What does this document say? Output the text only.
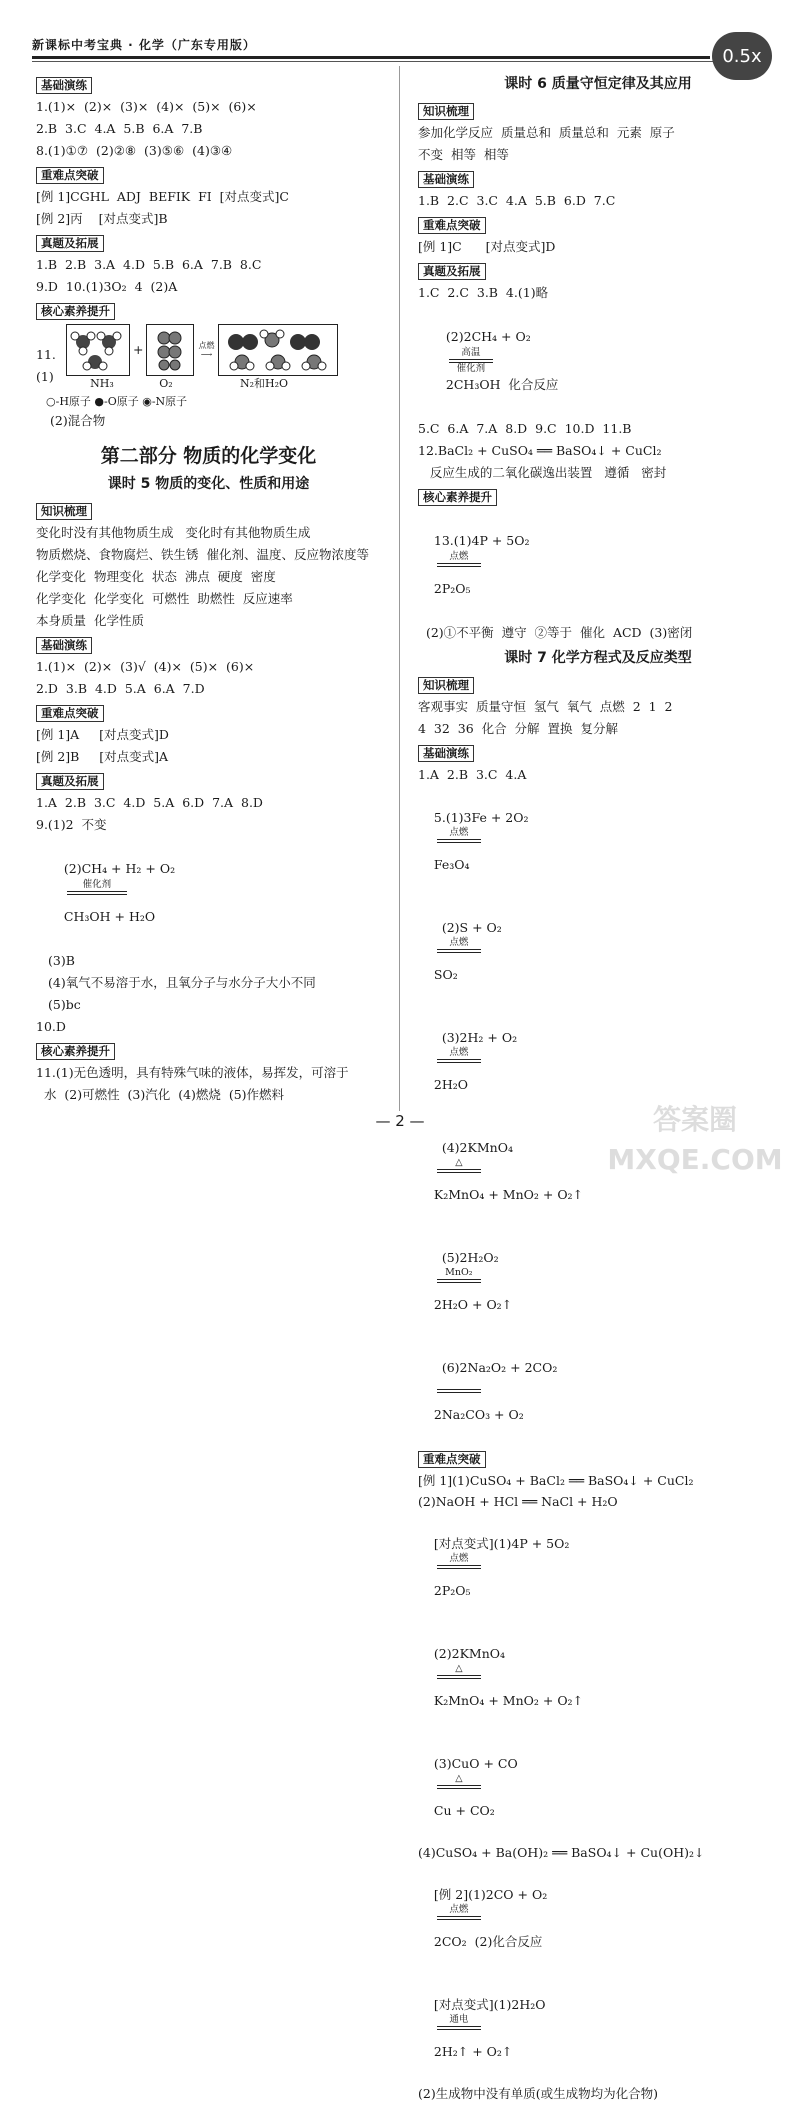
新课标中考宝典 · 化学（广东专用版）
0.5x
基础演练
1.(1)×  (2)×  (3)×  (4)×  (5)×  (6)×
2.B  3.C  4.A  5.B  6.A  7.B
8.(1)①⑦  (2)②⑧  (3)⑤⑥  (4)③④
重难点突破
[例 1]CGHL  ADJ  BEFIK  FI  [对点变式]C
[例 2]丙    [对点变式]B
真题及拓展
1.B  2.B  3.A  4.D  5.B  6.A  7.B  8.C
9.D  10.(1)3O₂  4  (2)A
核心素养提升
11.(1)
+	点燃
⟶
NH₃	O₂	N₂和H₂O
○-H原子 ●-O原子 ◉-N原子
(2)混合物
第二部分 物质的化学变化
课时 5 物质的变化、性质和用途
知识梳理
变化时没有其他物质生成   变化时有其他物质生成
物质燃烧、食物腐烂、铁生锈  催化剂、温度、反应物浓度等
化学变化  物理变化  状态  沸点  硬度  密度
化学变化  化学变化  可燃性  助燃性  反应速率
本身质量  化学性质
基础演练
1.(1)×  (2)×  (3)√  (4)×  (5)×  (6)×
2.D  3.B  4.D  5.A  6.A  7.D
重难点突破
[例 1]A     [对点变式]D
[例 2]B     [对点变式]A
真题及拓展
1.A  2.B  3.C  4.D  5.A  6.D  7.A  8.D
9.(1)2  不变

(2)CH₄ + H₂ + O₂

催化剂

CH₃OH + H₂O

(3)B
(4)氧气不易溶于水，且氧分子与水分子大小不同
(5)bc
10.D
核心素养提升
11.(1)无色透明，具有特殊气味的液体，易挥发，可溶于
水  (2)可燃性  (3)汽化  (4)燃烧  (5)作燃料
课时 6 质量守恒定律及其应用
知识梳理
参加化学反应  质量总和  质量总和  元素  原子
不变  相等  相等
基础演练
1.B  2.C  3.C  4.A  5.B  6.D  7.C
重难点突破
[例 1]C      [对点变式]D
真题及拓展
1.C  2.C  3.B  4.(1)略

(2)2CH₄ + O₂

高温
催化剂

2CH₃OH  化合反应

5.C  6.A  7.A  8.D  9.C  10.D  11.B
12.BaCl₂ + CuSO₄ ══ BaSO₄↓ + CuCl₂
反应生成的二氧化碳逸出装置   遵循   密封
核心素养提升

13.(1)4P + 5O₂

点燃

2P₂O₅

(2)①不平衡  遵守  ②等于  催化  ACD  (3)密闭
课时 7 化学方程式及反应类型
知识梳理
客观事实  质量守恒  氢气  氧气  点燃  2  1  2
4  32  36  化合  分解  置换  复分解
基础演练
1.A  2.B  3.C  4.A

5.(1)3Fe + 2O₂

点燃

Fe₃O₄

(2)S + O₂

点燃

SO₂

(3)2H₂ + O₂

点燃

2H₂O

(4)2KMnO₄

△

K₂MnO₄ + MnO₂ + O₂↑

(5)2H₂O₂

MnO₂

2H₂O + O₂↑

(6)2Na₂O₂ + 2CO₂

2Na₂CO₃ + O₂

重难点突破
[例 1](1)CuSO₄ + BaCl₂ ══ BaSO₄↓ + CuCl₂
(2)NaOH + HCl ══ NaCl + H₂O

[对点变式](1)4P + 5O₂

点燃

2P₂O₅

(2)2KMnO₄

△

K₂MnO₄ + MnO₂ + O₂↑

(3)CuO + CO

△

Cu + CO₂

(4)CuSO₄ + Ba(OH)₂ ══ BaSO₄↓ + Cu(OH)₂↓

[例 2](1)2CO + O₂

点燃

2CO₂  (2)化合反应

[对点变式](1)2H₂O

通电

2H₂↑ + O₂↑

(2)生成物中没有单质(或生成物均为化合物)
— 2 —	答案圈 MXQE.COM
